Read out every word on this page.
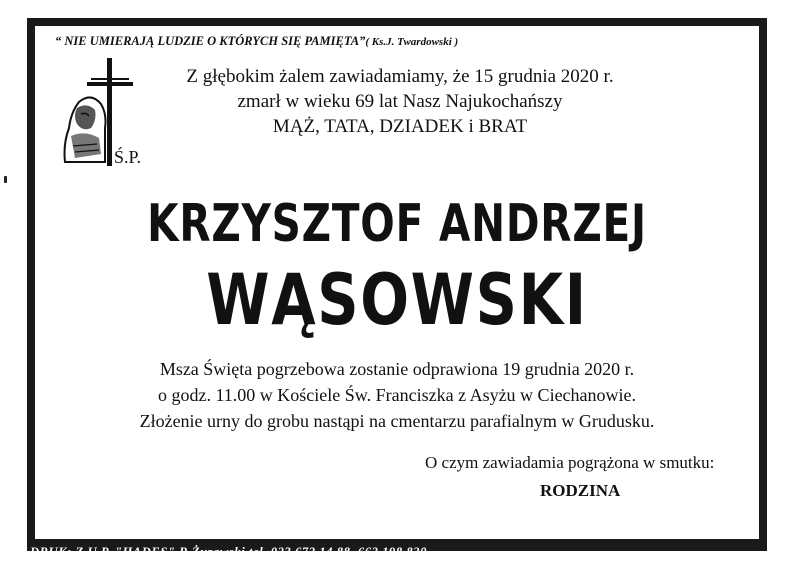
“ NIE UMIERAJĄ LUDZIE O KTÓRYCH SIĘ PAMIĘTA”( Ks.J. Twardowski )
Ś.P.
Z głębokim żalem zawiadamiamy, że 15 grudnia 2020 r.
zmarł w wieku 69 lat Nasz Najukochańszy
MĄŻ, TATA, DZIADEK i BRAT
KRZYSZTOF ANDRZEJ
WĄSOWSKI
Msza Święta pogrzebowa zostanie odprawiona 19 grudnia 2020 r.
o godz. 11.00 w Kościele Św. Franciszka z Asyżu w Ciechanowie.
Złożenie urny do grobu nastąpi na cmentarzu parafialnym w Grudusku.
O czym zawiadamia pogrążona w smutku:
RODZINA
DRUK: Z.U.P. "HADES" R.Żurawski tel. 023 672 14 88, 662 198 820
